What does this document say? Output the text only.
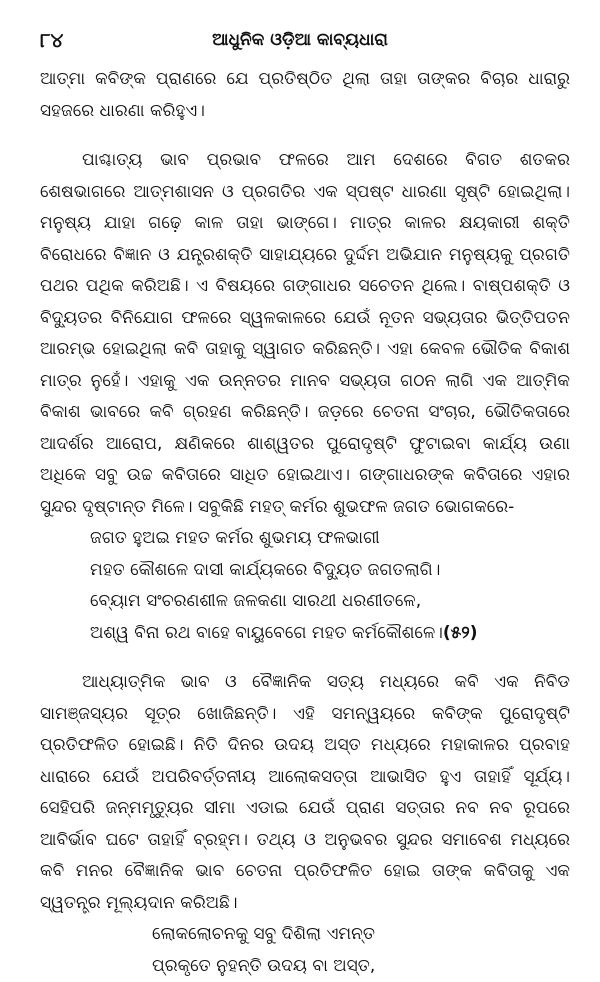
୮୪	ଆଧୁନିକ ଓଡ଼ିଆ କାବ୍ୟଧାରା

ଆତ୍ମା କବିଙ୍କ ପ୍ରାଣରେ ଯେ ପ୍ରତିଷ୍ଠିତ ଥିଲା ତାହା ତାଙ୍କର ବିଚାର ଧାରାରୁ ସହଜରେ ଧାରଣା କରିହୁଏ।

ପାଶ୍ଚାତ୍ୟ ଭାବ ପ୍ରଭାବ ଫଳରେ ଆମ ଦେଶରେ ବିଗତ ଶତକର ଶେଷଭାଗରେ ଆତ୍ମଶାସନ ଓ ପ୍ରଗତିର ଏକ ସ୍ପଷ୍ଟ ଧାରଣା ସୃଷ୍ଟି ହୋଇଥିଲା। ମନୁଷ୍ୟ ଯାହା ଗଢ଼େ କାଳ ତାହା ଭାଙ୍ଗେ। ମାତ୍ର କାଳର କ୍ଷୟକାରୀ ଶକ୍ତି ବିରୋଧରେ ବିଜ୍ଞାନ ଓ ଯନ୍ତ୍ରଶକ୍ତି ସାହାଯ୍ୟରେ ଦୁର୍ଦ୍ଦମ ଅଭିଯାନ ମନୁଷ୍ୟକୁ ପ୍ରଗତି ପଥର ପଥିକ କରିଅଛି। ଏ ବିଷୟରେ ଗଙ୍ଗାଧର ସଚେତନ ଥିଲେ। ବାଷ୍ପଶକ୍ତି ଓ ବିଦ୍ୟୁତର ବିନିଯୋଗ ଫଳରେ ସ୍ୱଳକାଳରେ ଯେଉଁ ନୂତନ ସଭ୍ୟତାର ଭିତ୍ତିପତନ ଆରମ୍ଭ ହୋଇଥିଲା କବି ତାହାକୁ ସ୍ୱାଗତ କରିଛନ୍ତି। ଏହା କେବଳ ଭୌତିକ ବିକାଶ ମାତ୍ର ନୁହେଁ। ଏହାକୁ ଏକ ଉନ୍ନତର ମାନବ ସଭ୍ୟତା ଗଠନ ଲାଗି ଏକ ଆତ୍ମିକ ବିକାଶ ଭାବରେ କବି ଗ୍ରହଣ କରିଛନ୍ତି। ଜଡ଼ରେ ଚେତନା ସଂଚାର, ଭୌତିକତାରେ ଆଦର୍ଶର ଆରୋପ, କ୍ଷଣିକରେ ଶାଶ୍ୱତର ପୁରୋଦୃଷ୍ଟି ଫୁଟାଇବା କାର୍ଯ୍ୟ ଉଣା ଅଧିକେ ସବୁ ଉଚ୍ଚ କବିତାରେ ସାଧିତ ହୋଇଥାଏ। ଗଙ୍ଗାଧରଙ୍କ କବିତାରେ ଏହାର ସୁନ୍ଦର ଦୃଷ୍ଟାନ୍ତ ମିଳେ। ସବୁକିଛି ମହତ୍ କର୍ମର ଶୁଭଫଳ ଜଗତ ଭୋଗକରେ-

ଜଗତ ହୁଅଇ ମହତ କର୍ମର ଶୁଭମୟ ଫଳଭାଗୀ
ମହତ କୌଶଳେ ଦାସୀ କାର୍ଯ୍ୟକରେ ବିଦ୍ୟୁତ ଜଗତଲାଗି।
ବ୍ୟୋମ ସଂଚରଣଶୀଳ ଜଳକଣା ସାରଥୀ ଧରଣୀତଳେ,
ଅଶ୍ୱ ବିନା ରଥ ବାହେ ବାୟୁବେଗେ ମହତ କର୍ମକୌଶଳେ।(୫୨)

ଆଧ୍ୟାତ୍ମିକ ଭାବ ଓ ବୈଜ୍ଞାନିକ ସତ୍ୟ ମଧ୍ୟରେ କବି ଏକ ନିବିଡ ସାମଞ୍ଜସ୍ୟର ସୂତ୍ର ଖୋଜିଛନ୍ତି। ଏହି ସମନ୍ୱୟରେ କବିଙ୍କ ପୁରୋଦୃଷ୍ଟି ପ୍ରତିଫଳିତ ହୋଇଛି। ନିତି ଦିନର ଉଦୟ ଅସ୍ତ ମଧ୍ୟରେ ମହାକାଳର ପ୍ରବାହ ଧାରାରେ ଯେଉଁ ଅପରିବର୍ତ୍ତନୀୟ ଆଲୋକସତ୍ତା ଆଭାସିତ ହୁଏ ତାହାହିଁ ସୂର୍ଯ୍ୟ। ସେହିପରି ଜନ୍ମମୃତ୍ୟୁର ସୀମା ଏଡାଇ ଯେଉଁ ପ୍ରାଣ ସତ୍ତାର ନବ ନବ ରୂପରେ ଆବିର୍ଭାବ ଘଟେ ତାହାହିଁ ବ୍ରହ୍ମ। ତଥ୍ୟ ଓ ଅନୁଭବର ସୁନ୍ଦର ସମାବେଶ ମଧ୍ୟରେ କବି ମନର ବୈଜ୍ଞାନିକ ଭାବ ଚେତନା ପ୍ରତିଫଳିତ ହୋଇ ତାଙ୍କ କବିତାକୁ ଏକ ସ୍ୱତନ୍ତ୍ର ମୂଲ୍ୟଦାନ କରିଅଛି।

ଲୋକଲୋଚନକୁ ସବୁ ଦିଶିଲା ଏମନ୍ତ
ପ୍ରକୃତେ ନୁହନ୍ତି ଉଦୟ ବା ଅସ୍ତ,
